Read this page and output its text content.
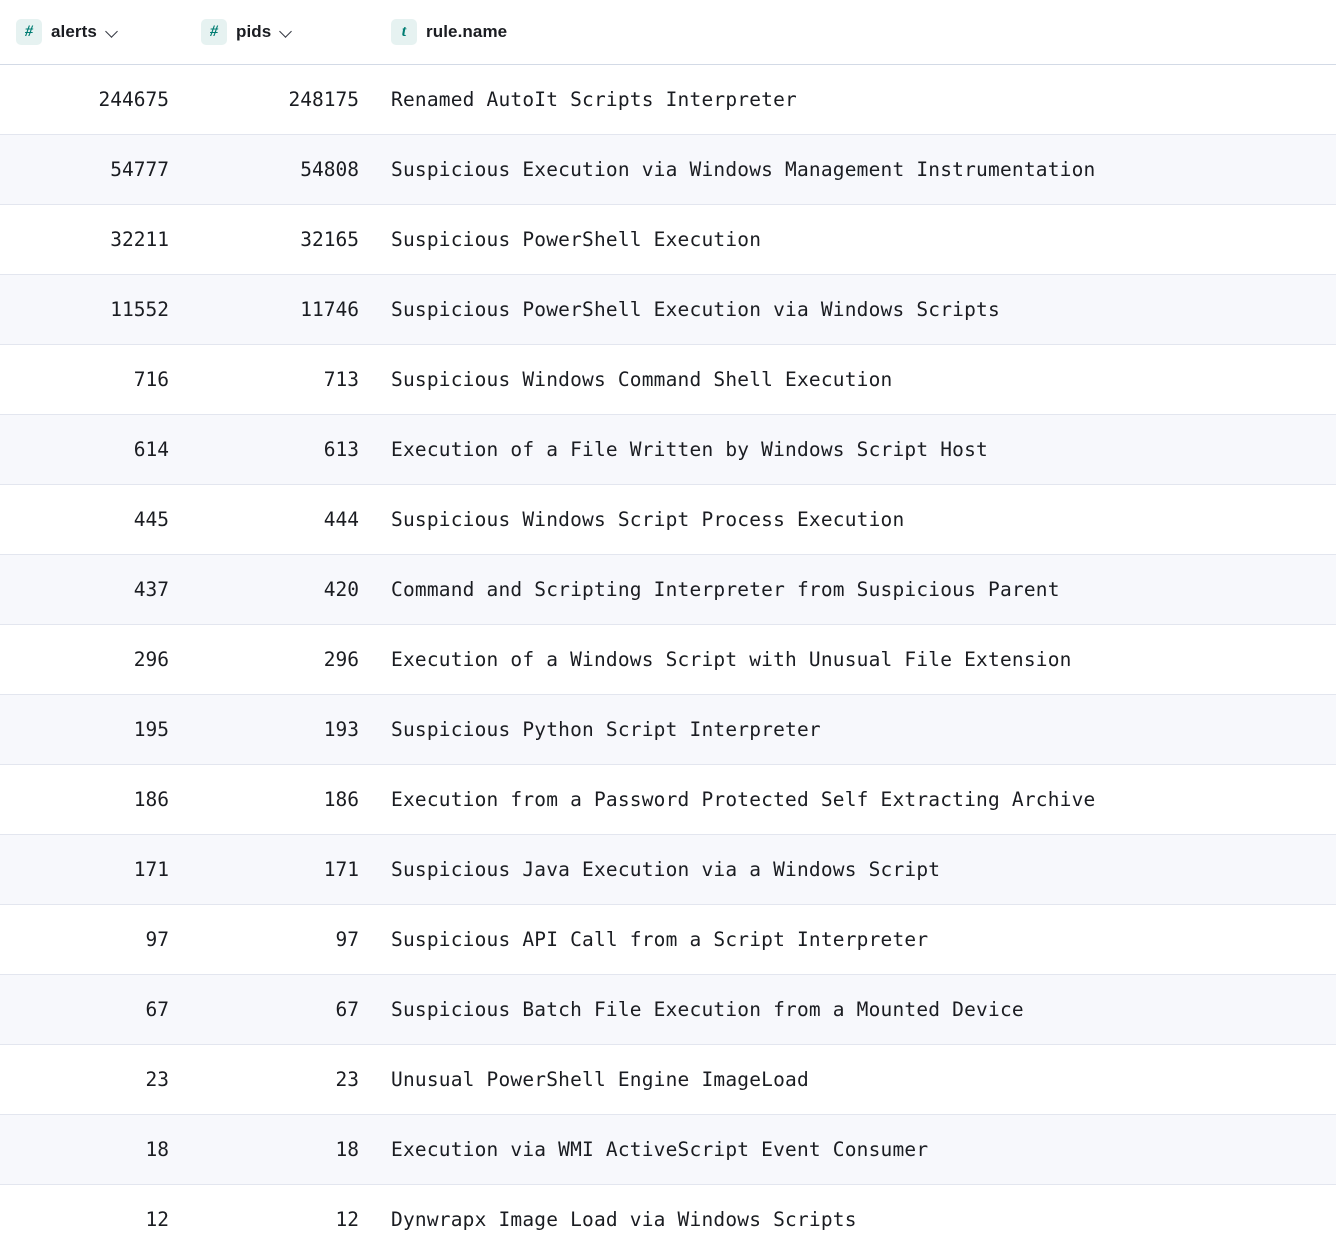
# alerts	# pids	t rule.name

244675	248175	Renamed AutoIt Scripts Interpreter
54777	54808	Suspicious Execution via Windows Management Instrumentation
32211	32165	Suspicious PowerShell Execution
11552	11746	Suspicious PowerShell Execution via Windows Scripts
716	713	Suspicious Windows Command Shell Execution
614	613	Execution of a File Written by Windows Script Host
445	444	Suspicious Windows Script Process Execution
437	420	Command and Scripting Interpreter from Suspicious Parent
296	296	Execution of a Windows Script with Unusual File Extension
195	193	Suspicious Python Script Interpreter
186	186	Execution from a Password Protected Self Extracting Archive
171	171	Suspicious Java Execution via a Windows Script
97	97	Suspicious API Call from a Script Interpreter
67	67	Suspicious Batch File Execution from a Mounted Device
23	23	Unusual PowerShell Engine ImageLoad
18	18	Execution via WMI ActiveScript Event Consumer
12	12	Dynwrapx Image Load via Windows Scripts
